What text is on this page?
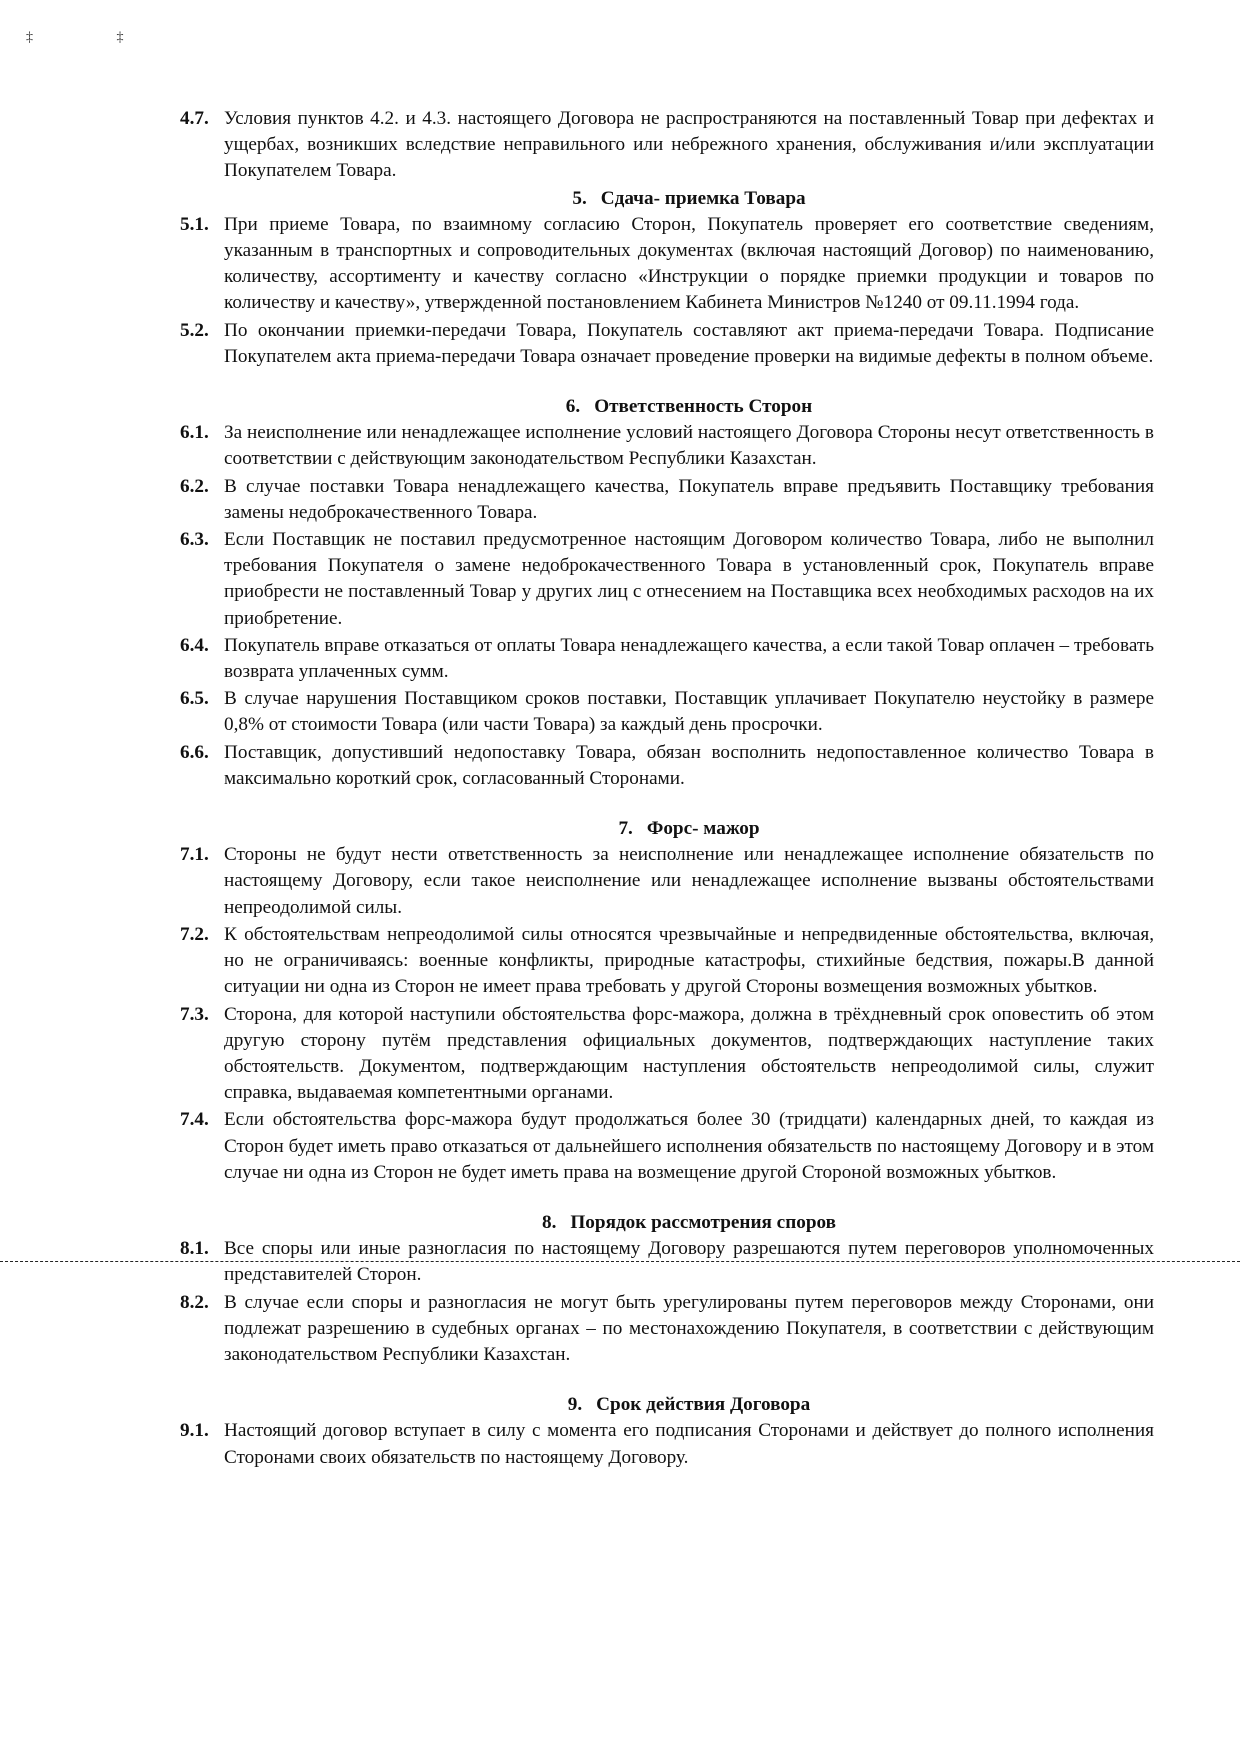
‡ ‡
4.7. Условия пунктов 4.2. и 4.3. настоящего Договора не распространяются на поставленный Товар при дефектах и ущербах, возникших вследствие неправильного или небрежного хранения, обслуживания и/или эксплуатации Покупателем Товара.
5. Сдача- приемка Товара
5.1. При приеме Товара, по взаимному согласию Сторон, Покупатель проверяет его соответствие сведениям, указанным в транспортных и сопроводительных документах (включая настоящий Договор) по наименованию, количеству, ассортименту и качеству согласно «Инструкции о порядке приемки продукции и товаров по количеству и качеству», утвержденной постановлением Кабинета Министров №1240 от 09.11.1994 года.
5.2. По окончании приемки-передачи Товара, Покупатель составляют акт приема-передачи Товара. Подписание Покупателем акта приема-передачи Товара означает проведение проверки на видимые дефекты в полном объеме.
6. Ответственность Сторон
6.1. За неисполнение или ненадлежащее исполнение условий настоящего Договора Стороны несут ответственность в соответствии с действующим законодательством Республики Казахстан.
6.2. В случае поставки Товара ненадлежащего качества, Покупатель вправе предъявить Поставщику требования замены недоброкачественного Товара.
6.3. Если Поставщик не поставил предусмотренное настоящим Договором количество Товара, либо не выполнил требования Покупателя о замене недоброкачественного Товара в установленный срок, Покупатель вправе приобрести не поставленный Товар у других лиц с отнесением на Поставщика всех необходимых расходов на их приобретение.
6.4. Покупатель вправе отказаться от оплаты Товара ненадлежащего качества, а если такой Товар оплачен – требовать возврата уплаченных сумм.
6.5. В случае нарушения Поставщиком сроков поставки, Поставщик уплачивает Покупателю неустойку в размере 0,8% от стоимости Товара (или части Товара) за каждый день просрочки.
6.6. Поставщик, допустивший недопоставку Товара, обязан восполнить недопоставленное количество Товара в максимально короткий срок, согласованный Сторонами.
7. Форс- мажор
7.1. Стороны не будут нести ответственность за неисполнение или ненадлежащее исполнение обязательств по настоящему Договору, если такое неисполнение или ненадлежащее исполнение вызваны обстоятельствами непреодолимой силы.
7.2. К обстоятельствам непреодолимой силы относятся чрезвычайные и непредвиденные обстоятельства, включая, но не ограничиваясь: военные конфликты, природные катастрофы, стихийные бедствия, пожары.В данной ситуации ни одна из Сторон не имеет права требовать у другой Стороны возмещения возможных убытков.
7.3. Сторона, для которой наступили обстоятельства форс-мажора, должна в трёхдневный срок оповестить об этом другую сторону путём представления официальных документов, подтверждающих наступление таких обстоятельств. Документом, подтверждающим наступления обстоятельств непреодолимой силы, служит справка, выдаваемая компетентными органами.
7.4. Если обстоятельства форс-мажора будут продолжаться более 30 (тридцати) календарных дней, то каждая из Сторон будет иметь право отказаться от дальнейшего исполнения обязательств по настоящему Договору и в этом случае ни одна из Сторон не будет иметь права на возмещение другой Стороной возможных убытков.
8. Порядок рассмотрения споров
8.1. Все споры или иные разногласия по настоящему Договору разрешаются путем переговоров уполномоченных представителей Сторон.
8.2. В случае если споры и разногласия не могут быть урегулированы путем переговоров между Сторонами, они подлежат разрешению в судебных органах – по местонахождению Покупателя, в соответствии с действующим законодательством Республики Казахстан.
9. Срок действия Договора
9.1. Настоящий договор вступает в силу с момента его подписания Сторонами и действует до полного исполнения Сторонами своих обязательств по настоящему Договору.
